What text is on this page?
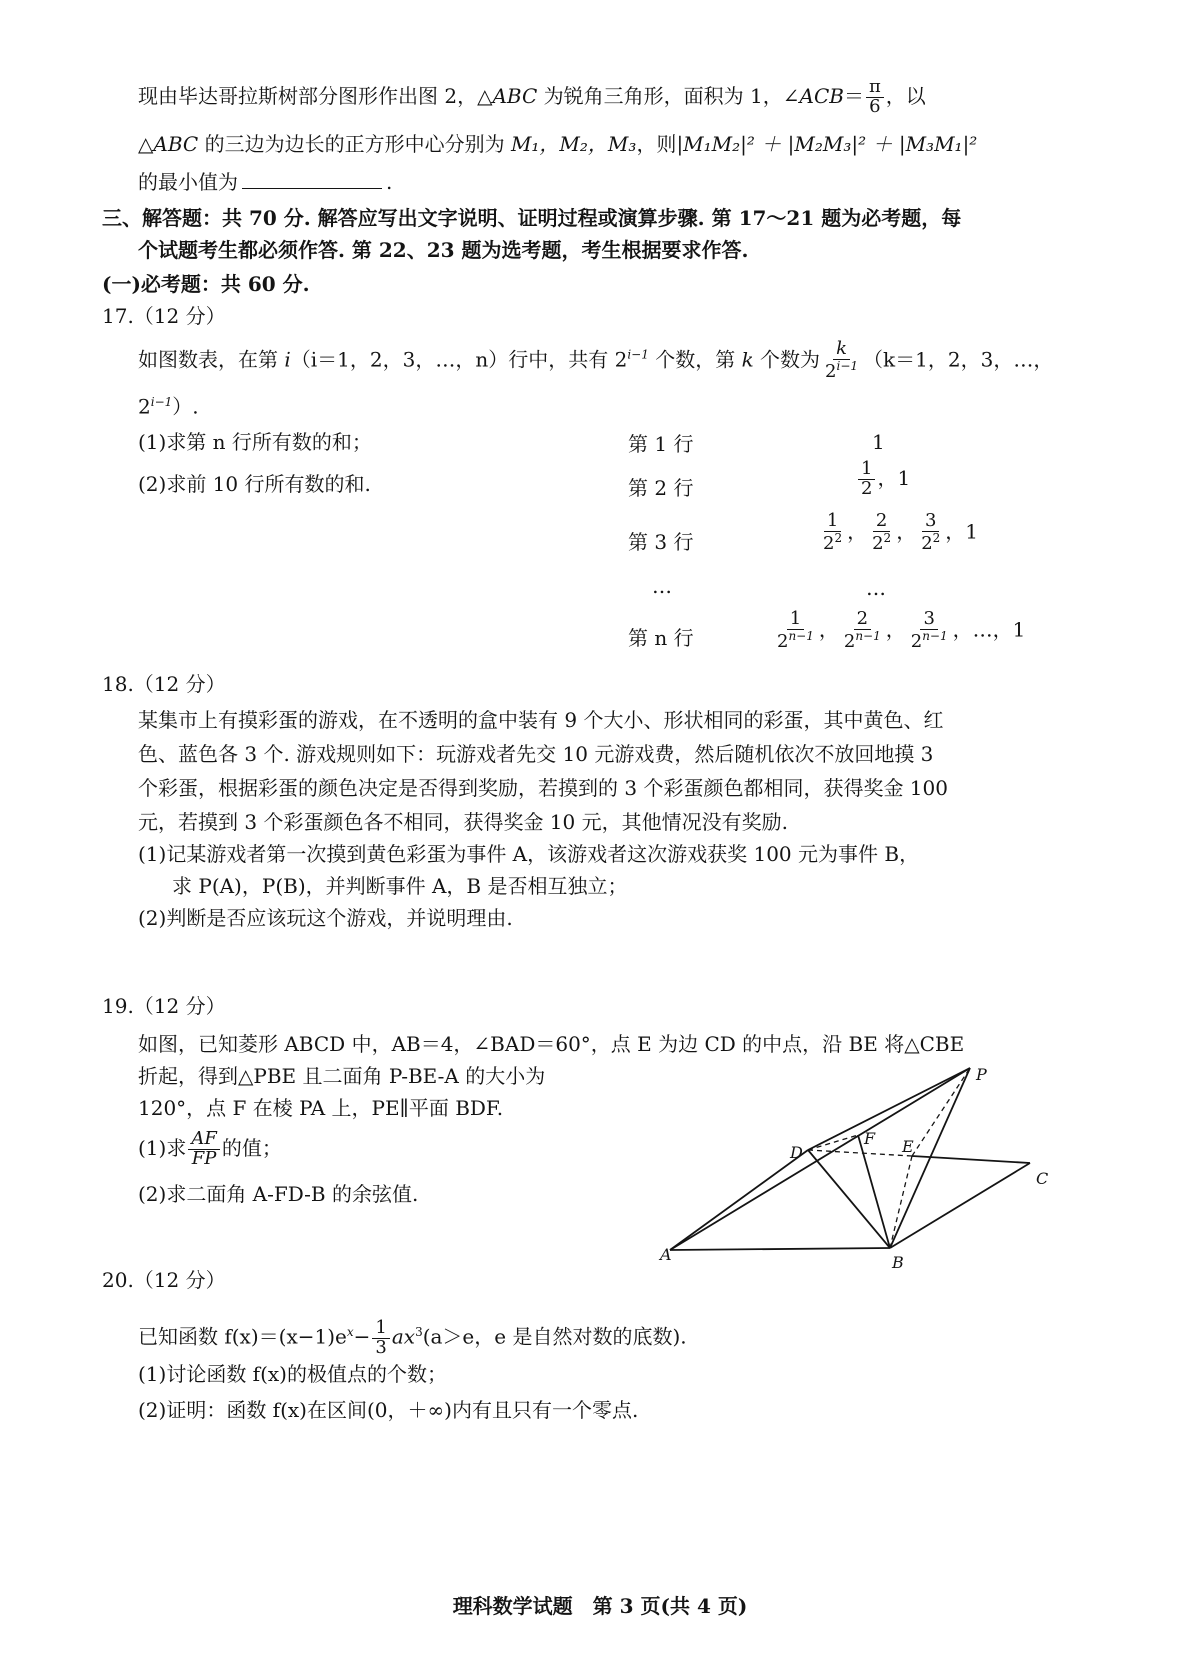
现由毕达哥拉斯树部分图形作出图 2，△ABC 为锐角三角形，面积为 1，∠ACB＝ $\frac{\pi}{6}$ ，以
△ABC 的三边为边长的正方形中心分别为 M₁，M₂，M₃，则|M₁M₂|² ＋ |M₂M₃|² ＋ |M₃M₁|²
的最小值为	.
三、解答题：共 70 分. 解答应写出文字说明、证明过程或演算步骤. 第 17～21 题为必考题，每
个试题考生都必须作答. 第 22、23 题为选考题，考生根据要求作答.
(一)必考题：共 60 分.
17.（12 分）
如图数表，在第 i（i＝1，2，3，…，n）行中，共有 $2^{i-1}$ 个数，第 k 个数为 $\frac{k}{2^{i-1}} (k=1$，2，3，…，
$2^{i-1}$）.
(1)求第 n 行所有数的和；
(2)求前 10 行所有数的和.
第 1 行	1
第 2 行	$\frac{1}{2}$ ，1
第 3 行	$\frac{1}{2^2}$ ， $\frac{2}{2^2}$ ， $\frac{3}{2^2}$ ，1
…	…
第 n 行	$\frac{1}{2^{n-1}}$ ， $\frac{2}{2^{n-1}}$ ， $\frac{3}{2^{n-1}}$ ，…，1
18.（12 分）
某集市上有摸彩蛋的游戏，在不透明的盒中装有 9 个大小、形状相同的彩蛋，其中黄色、红
色、蓝色各 3 个. 游戏规则如下：玩游戏者先交 10 元游戏费，然后随机依次不放回地摸 3
个彩蛋，根据彩蛋的颜色决定是否得到奖励，若摸到的 3 个彩蛋颜色都相同，获得奖金 100
元，若摸到 3 个彩蛋颜色各不相同，获得奖金 10 元，其他情况没有奖励.
(1)记某游戏者第一次摸到黄色彩蛋为事件 A，该游戏者这次游戏获奖 100 元为事件 B，
求 P(A)，P(B)，并判断事件 A，B 是否相互独立；
(2)判断是否应该玩这个游戏，并说明理由.
19.（12 分）
如图，已知菱形 ABCD 中，AB＝4，∠BAD＝60°，点 E 为边 CD 的中点，沿 BE 将△CBE
折起，得到△PBE 且二面角 P-BE-A 的大小为
120°，点 F 在棱 PA 上，PE∥平面 BDF.
(1)求 $\frac{AF}{FP}$ 的值；
(2)求二面角 A-FD-B 的余弦值.
P
D
F E
C
A	B
20.（12 分）
已知函数 $f(x)=(x-1)e^x- \frac{1}{3} ax^3(a>e$，e 是自然对数的底数).
(1)讨论函数 f(x)的极值点的个数；
(2)证明：函数 f(x)在区间(0，＋∞)内有且只有一个零点.
理科数学试题　第 3 页(共 4 页)
